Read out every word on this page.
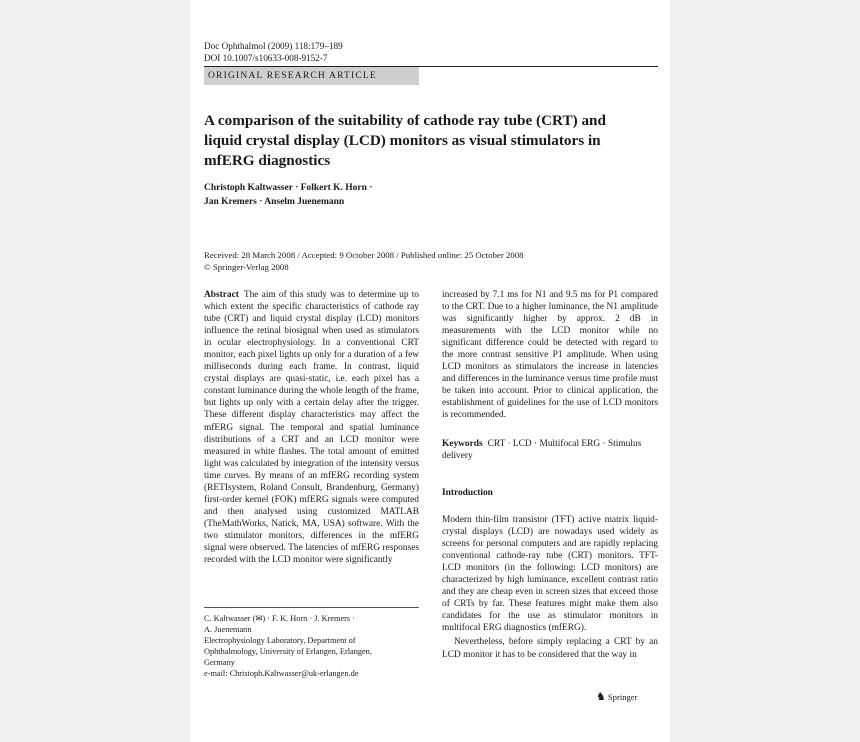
Doc Ophthalmol (2009) 118:179–189
DOI 10.1007/s10633-008-9152-7
ORIGINAL RESEARCH ARTICLE
A comparison of the suitability of cathode ray tube (CRT) and liquid crystal display (LCD) monitors as visual stimulators in mfERG diagnostics
Christoph Kaltwasser · Folkert K. Horn ·
Jan Kremers · Anselm Juenemann
Received: 28 March 2008 / Accepted: 9 October 2008 / Published online: 25 October 2008
© Springer-Verlag 2008

Abstract The aim of this study was to determine up to which extent the specific characteristics of cathode ray tube (CRT) and liquid crystal display (LCD) monitors influence the retinal biosignal when used as stimulators in ocular electrophysiology. In a conventional CRT monitor, each pixel lights up only for a duration of a few milliseconds during each frame. In contrast, liquid crystal displays are quasi-static, i.e. each pixel has a constant luminance during the whole length of the frame, but lights up only with a certain delay after the trigger. These different display characteristics may affect the mfERG signal. The temporal and spatial luminance distributions of a CRT and an LCD monitor were measured in white flashes. The total amount of emitted light was calculated by integration of the intensity versus time curves. By means of an mfERG recording system (RETIsystem, Roland Consult, Brandenburg, Germany) first-order kernel (FOK) mfERG signals were computed and then analysed using customized MATLAB (TheMathWorks, Natick, MA, USA) software. With the two stimulator monitors, differences in the mfERG signal were observed. The latencies of mfERG responses recorded with the LCD monitor were significantly

increased by 7.1 ms for N1 and 9.5 ms for P1 compared to the CRT. Due to a higher luminance, the N1 amplitude was significantly higher by approx. 2 dB in measurements with the LCD monitor while no significant difference could be detected with regard to the more contrast sensitive P1 amplitude. When using LCD monitors as stimulators the increase in latencies and differences in the luminance versus time profile must be taken into account. Prior to clinical application, the establishment of guidelines for the use of LCD monitors is recommended.

Keywords CRT · LCD · Multifocal ERG · Stimulus delivery
Introduction

Modern thin-film transistor (TFT) active matrix liquid-crystal displays (LCD) are nowadays used widely as screens for personal computers and are rapidly replacing conventional cathode-ray tube (CRT) monitors. TFT-LCD monitors (in the following: LCD monitors) are characterized by high luminance, excellent contrast ratio and they are cheap even in screen sizes that exceed those of CRTs by far. These features might make them also candidates for the use as stimulator monitors in multifocal ERG diagnostics (mfERG).

Nevertheless, before simply replacing a CRT by an LCD monitor it has to be considered that the way in

C. Kaltwasser (✉) · F. K. Horn · J. Kremers ·
A. Juenemann
Electrophysiology Laboratory, Department of
Ophthalmology, University of Erlangen, Erlangen,
Germany
e-mail: Christoph.Kaltwasser@uk-erlangen.de
♞ Springer
